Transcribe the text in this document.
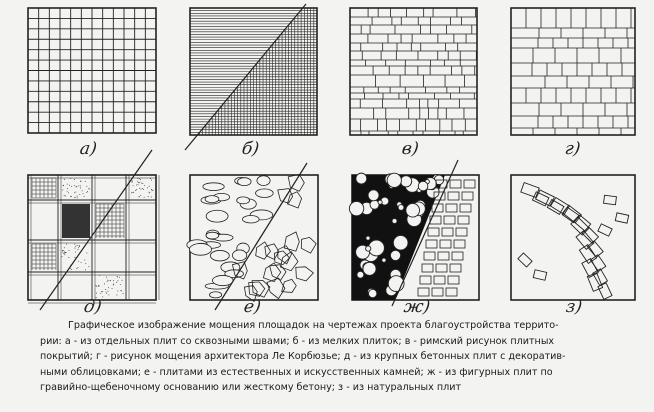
а)	б)	в)	г)
д)	е)	ж)	з)

Графическое изображение мощения площадок на чертежах проекта благоустройства террито-

рии: а - из отдельных плит со сквозными швами; б - из мелких плиток; в - римский рисунок плитных

покрытий; г - рисунок мощения архитектора Ле Корбюзье; д - из крупных бетонных плит с декоратив-

ными облицовками; е - плитами из естественных и искусственных камней; ж - из фигурных плит по

гравийно-щебеночному основанию или жесткому бетону; з - из натуральных плит
